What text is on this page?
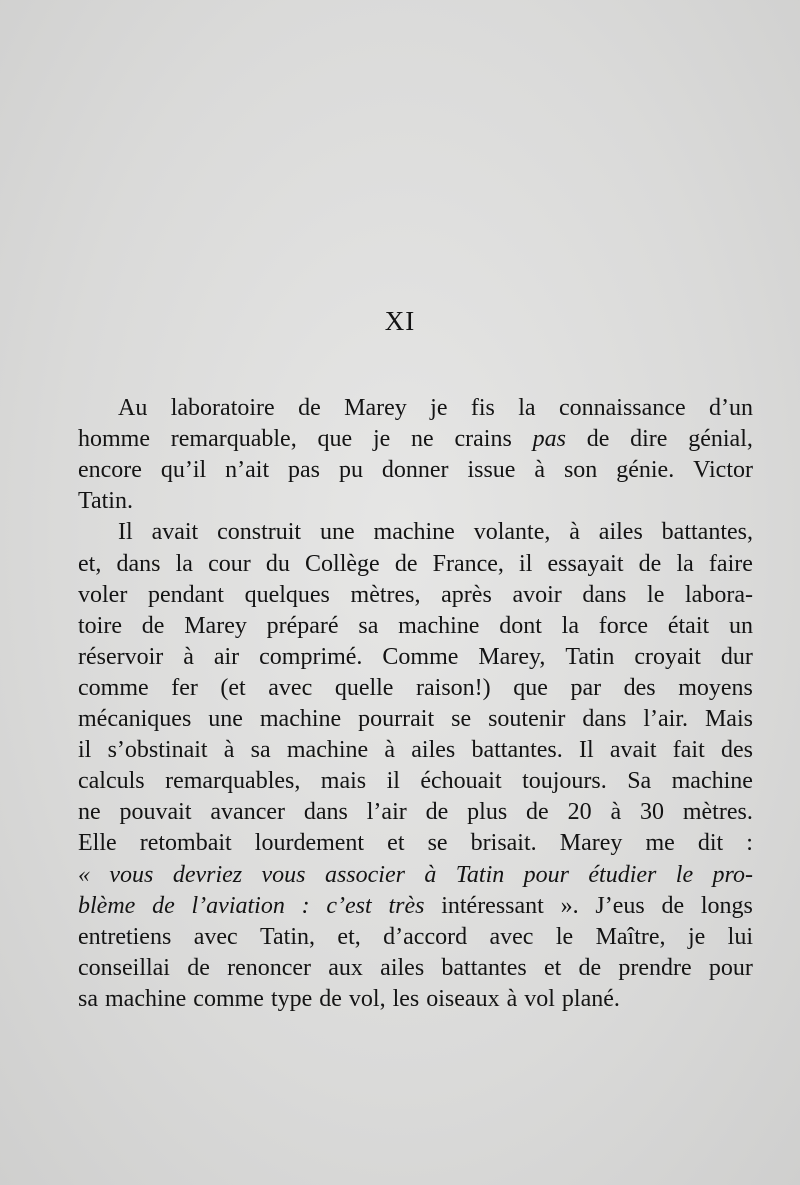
XI
Au laboratoire de Marey je fis la connaissance d’un
homme remarquable, que je ne crains pas de dire génial,
encore qu’il n’ait pas pu donner issue à son génie. Victor
Tatin.
Il avait construit une machine volante, à ailes battantes,
et, dans la cour du Collège de France, il essayait de la faire
voler pendant quelques mètres, après avoir dans le labora-
toire de Marey préparé sa machine dont la force était un
réservoir à air comprimé. Comme Marey, Tatin croyait dur
comme fer (et avec quelle raison!) que par des moyens
mécaniques une machine pourrait se soutenir dans l’air. Mais
il s’obstinait à sa machine à ailes battantes. Il avait fait des
calculs remarquables, mais il échouait toujours. Sa machine
ne pouvait avancer dans l’air de plus de 20 à 30 mètres.
Elle retombait lourdement et se brisait. Marey me dit :
« vous devriez vous associer à Tatin pour étudier le pro-
blème de l’aviation : c’est très intéressant ». J’eus de longs
entretiens avec Tatin, et, d’accord avec le Maître, je lui
conseillai de renoncer aux ailes battantes et de prendre pour
sa machine comme type de vol, les oiseaux à vol plané.
